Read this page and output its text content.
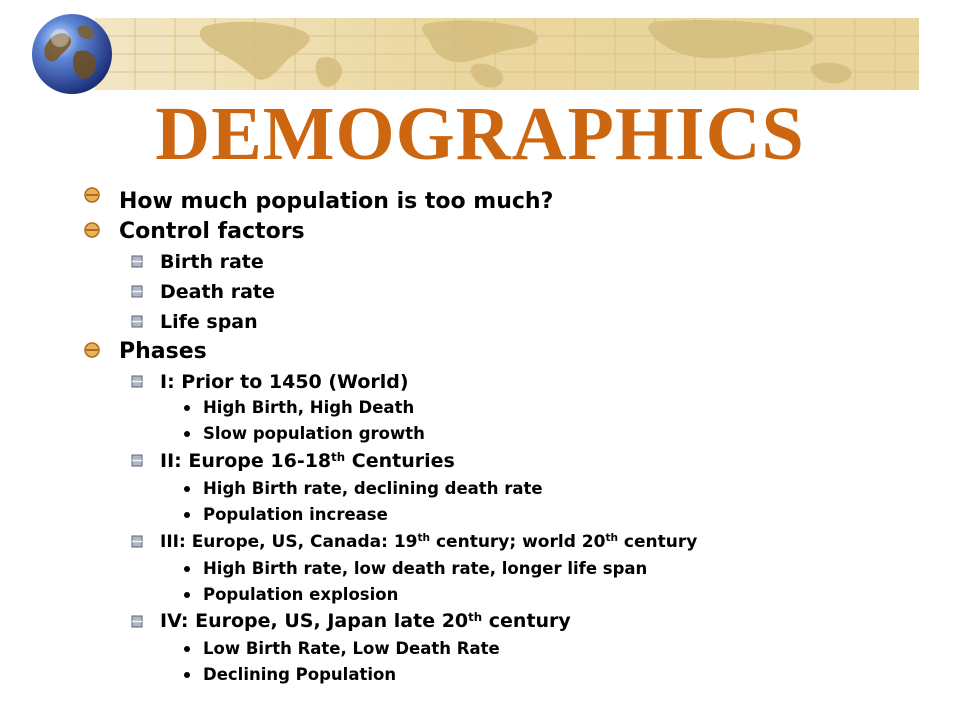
DEMOGRAPHICS
How much population is too much?
Control factors
Birth rate
Death rate
Life span
Phases
I: Prior to 1450 (World)
High Birth, High Death
Slow population growth
II: Europe 16-18th Centuries
High Birth rate, declining death rate
Population increase
III: Europe, US, Canada: 19th century; world 20th century
High Birth rate, low death rate, longer life span
Population explosion
IV: Europe, US, Japan late 20th century
Low Birth Rate, Low Death Rate
Declining Population
